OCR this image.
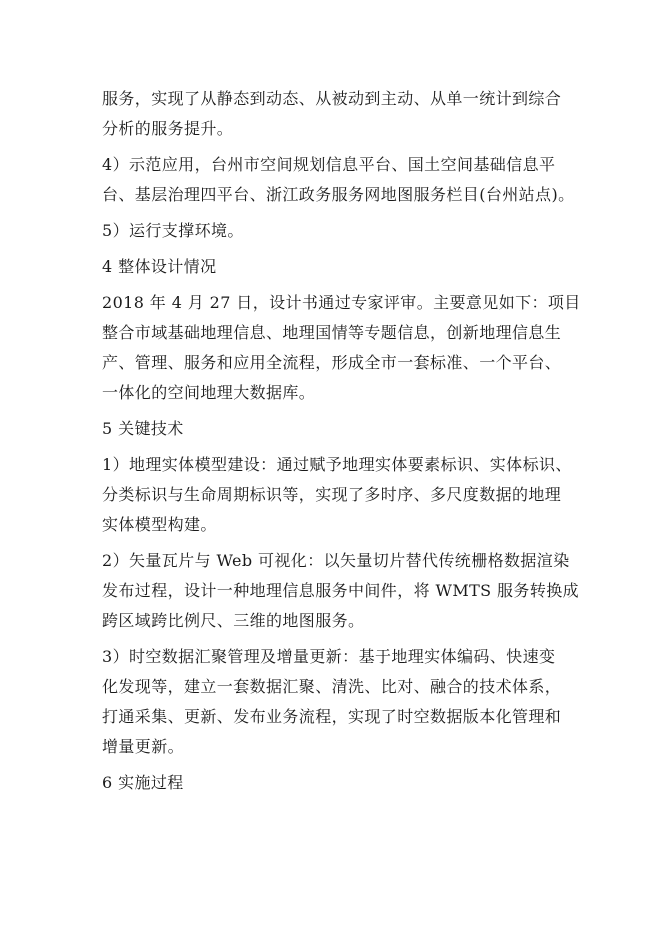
服务，实现了从静态到动态、从被动到主动、从单一统计到综合
分析的服务提升。
4）示范应用，台州市空间规划信息平台、国土空间基础信息平
台、基层治理四平台、浙江政务服务网地图服务栏目(台州站点)。
5）运行支撑环境。
4 整体设计情况
2018 年 4 月 27 日，设计书通过专家评审。主要意见如下：项目
整合市域基础地理信息、地理国情等专题信息，创新地理信息生
产、管理、服务和应用全流程，形成全市一套标准、一个平台、
一体化的空间地理大数据库。
5 关键技术
1）地理实体模型建设：通过赋予地理实体要素标识、实体标识、
分类标识与生命周期标识等，实现了多时序、多尺度数据的地理
实体模型构建。
2）矢量瓦片与 Web 可视化：以矢量切片替代传统栅格数据渲染
发布过程，设计一种地理信息服务中间件，将 WMTS 服务转换成
跨区域跨比例尺、三维的地图服务。
3）时空数据汇聚管理及增量更新：基于地理实体编码、快速变
化发现等，建立一套数据汇聚、清洗、比对、融合的技术体系，
打通采集、更新、发布业务流程，实现了时空数据版本化管理和
增量更新。
6 实施过程
